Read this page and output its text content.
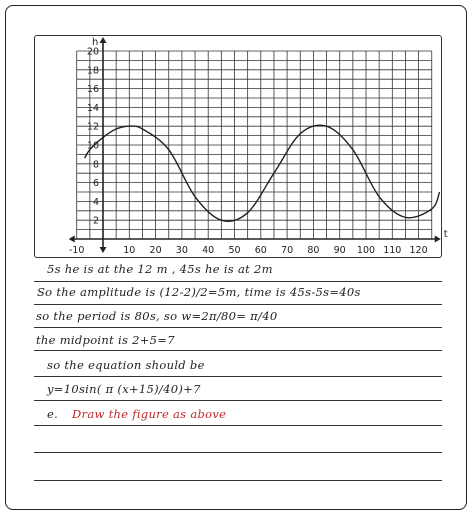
t
h
2
4
6
8
10
12
14
16
18
20
-10	10 20 30 40 50 60 70 80 90 100 110 120
5s he is at the 12 m , 45s he is at 2m
So the amplitude is (12-2)/2=5m, time is 45s-5s=40s
so the period is 80s, so w=2π/80= π/40
the midpoint is 2+5=7
so the equation should be
y=10sin( π (x+15)/40)+7
e. Draw the figure as above
